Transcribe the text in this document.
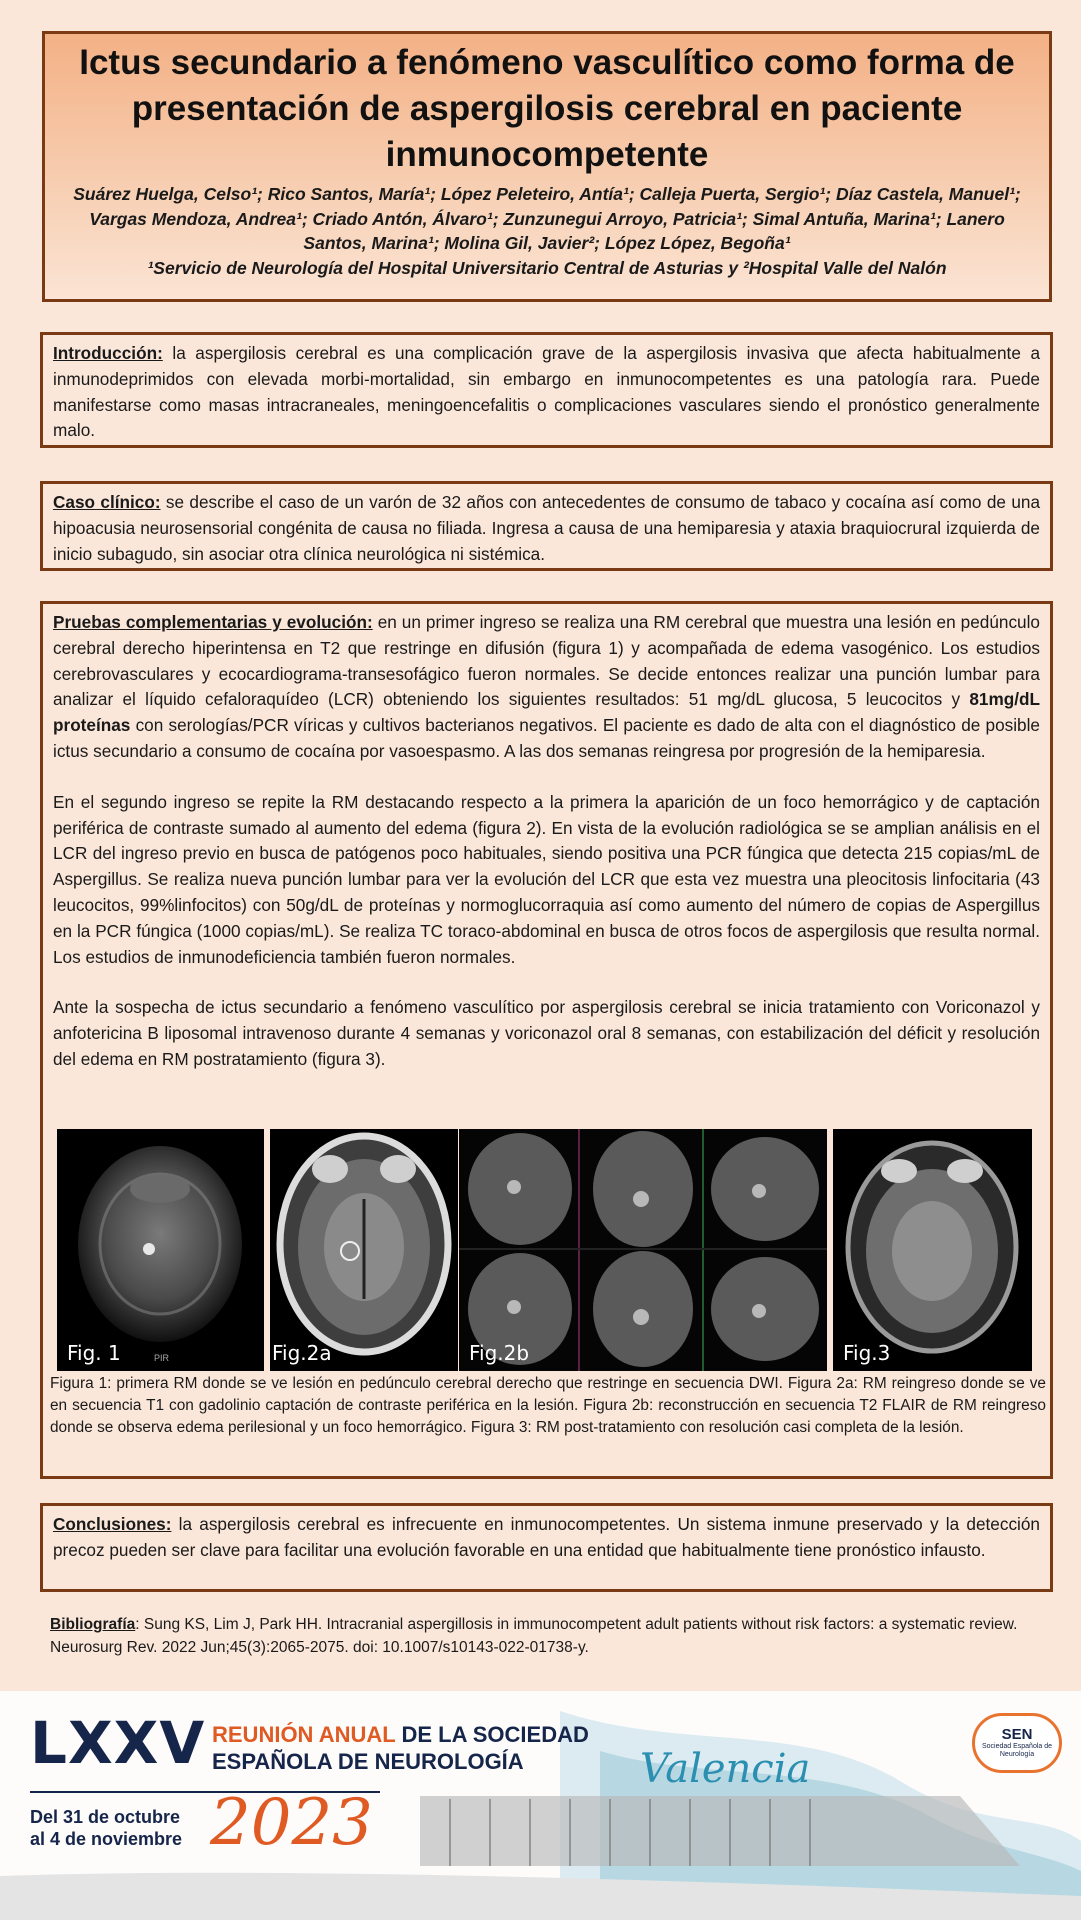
Ictus secundario a fenómeno vasculítico como forma de presentación de aspergilosis cerebral en paciente inmunocompetente
Suárez Huelga, Celso¹; Rico Santos, María¹; López Peleteiro, Antía¹; Calleja Puerta, Sergio¹; Díaz Castela, Manuel¹; Vargas Mendoza, Andrea¹; Criado Antón, Álvaro¹; Zunzunegui Arroyo, Patricia¹; Simal Antuña, Marina¹; Lanero Santos, Marina¹; Molina Gil, Javier²; López López, Begoña¹
¹Servicio de Neurología del Hospital Universitario Central de Asturias y ²Hospital Valle del Nalón

Introducción: la aspergilosis cerebral es una complicación grave de la aspergilosis invasiva que afecta habitualmente a inmunodeprimidos con elevada morbi-mortalidad, sin embargo en inmunocompetentes es una patología rara. Puede manifestarse como masas intracraneales, meningoencefalitis o complicaciones vasculares siendo el pronóstico generalmente malo.

Caso clínico: se describe el caso de un varón de 32 años con antecedentes de consumo de tabaco y cocaína así como de una hipoacusia neurosensorial congénita de causa no filiada. Ingresa a causa de una hemiparesia y ataxia braquiocrural izquierda de inicio subagudo, sin asociar otra clínica neurológica ni sistémica.

Pruebas complementarias y evolución: en un primer ingreso se realiza una RM cerebral que muestra una lesión en pedúnculo cerebral derecho hiperintensa en T2 que restringe en difusión (figura 1) y acompañada de edema vasogénico. Los estudios cerebrovasculares y ecocardiograma-transesofágico fueron normales. Se decide entonces realizar una punción lumbar para analizar el líquido cefaloraquídeo (LCR) obteniendo los siguientes resultados: 51 mg/dL glucosa, 5 leucocitos y 81mg/dL proteínas con serologías/PCR víricas y cultivos bacterianos negativos. El paciente es dado de alta con el diagnóstico de posible ictus secundario a consumo de cocaína por vasoespasmo. A las dos semanas reingresa por progresión de la hemiparesia.

En el segundo ingreso se repite la RM destacando respecto a la primera la aparición de un foco hemorrágico y de captación periférica de contraste sumado al aumento del edema (figura 2). En vista de la evolución radiológica se se amplian análisis en el LCR del ingreso previo en busca de patógenos poco habituales, siendo positiva una PCR fúngica que detecta 215 copias/mL de Aspergillus. Se realiza nueva punción lumbar para ver la evolución del LCR que esta vez muestra una pleocitosis linfocitaria (43 leucocitos, 99%linfocitos) con 50g/dL de proteínas y normoglucorraquia así como aumento del número de copias de Aspergillus en la PCR fúngica (1000 copias/mL). Se realiza TC toraco-abdominal en busca de otros focos de aspergilosis que resulta normal. Los estudios de inmunodeficiencia también fueron normales.

Ante la sospecha de ictus secundario a fenómeno vasculítico por aspergilosis cerebral se inicia tratamiento con Voriconazol y anfotericina B liposomal intravenoso durante 4 semanas y voriconazol oral 8 semanas, con estabilización del déficit y resolución del edema en RM postratamiento (figura 3).

Fig. 1	PIR	Fig.2a	Fig.2b	Fig.3
Figura 1: primera RM donde se ve lesión en pedúnculo cerebral derecho que restringe en secuencia DWI. Figura 2a: RM reingreso donde se ve en secuencia T1 con gadolinio captación de contraste periférica en la lesión. Figura 2b: reconstrucción en secuencia T2 FLAIR de RM reingreso donde se observa edema perilesional y un foco hemorrágico. Figura 3: RM post-tratamiento con resolución casi completa de la lesión.

Conclusiones: la aspergilosis cerebral es infrecuente en inmunocompetentes. Un sistema inmune preservado y la detección precoz pueden ser clave para facilitar una evolución favorable en una entidad que habitualmente tiene pronóstico infausto.

Bibliografía: Sung KS, Lim J, Park HH. Intracranial aspergillosis in immunocompetent adult patients without risk factors: a systematic review. Neurosurg Rev. 2022 Jun;45(3):2065-2075. doi: 10.1007/s10143-022-01738-y.
LXXV REUNIÓN ANUAL DE LA SOCIEDAD
ESPAÑOLA DE NEUROLOGÍA
Del 31 de octubre
al 4 de noviembre 2023
Valencia
SEN
Sociedad Española de Neurología
